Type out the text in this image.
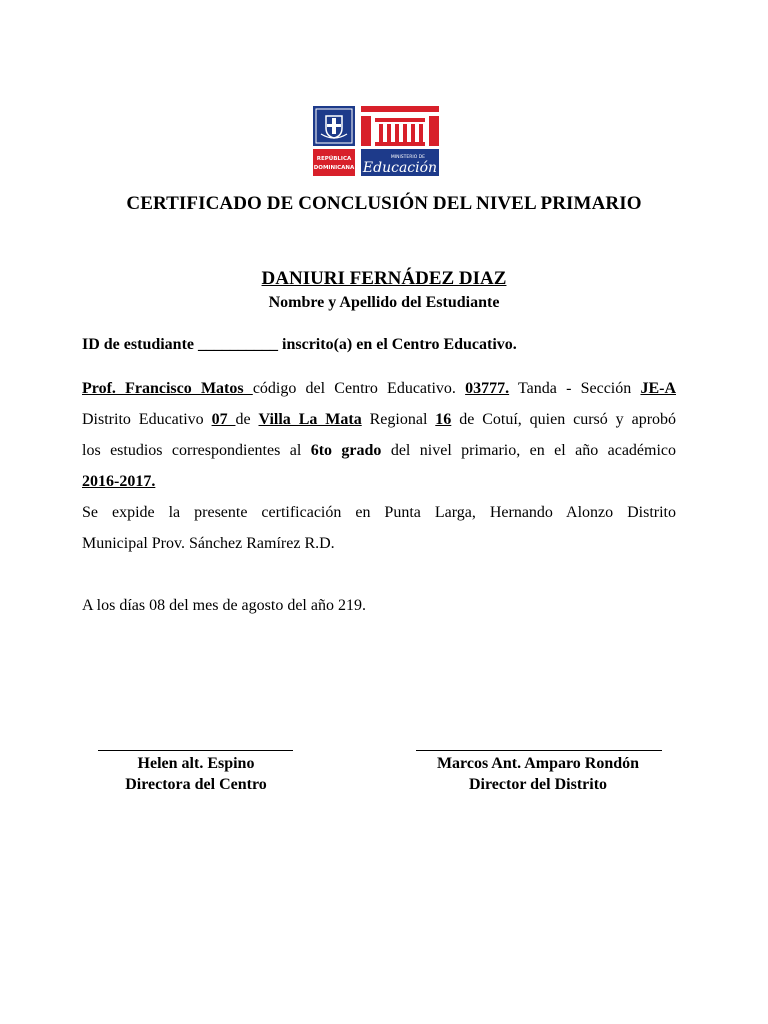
REPÚBLICA
DOMINICANA
MINISTERIO DE
Educación
CERTIFICADO DE CONCLUSIÓN DEL NIVEL PRIMARIO
DANIURI FERNÁDEZ DIAZ
Nombre y Apellido del Estudiante
ID de estudiante __________ inscrito(a) en el Centro Educativo.
Prof. Francisco Matos código del Centro Educativo. 03777. Tanda - Sección JE-A
Distrito Educativo 07 de Villa La Mata Regional 16 de Cotuí, quien cursó y aprobó
los estudios correspondientes al 6to grado del nivel primario, en el año académico
2016-2017.
Se expide la presente certificación en Punta Larga, Hernando Alonzo Distrito
Municipal Prov. Sánchez Ramírez R.D.
A los días 08 del mes de agosto del año 219.
Helen alt. Espino
Directora del Centro
Marcos Ant. Amparo Rondón
Director del Distrito
